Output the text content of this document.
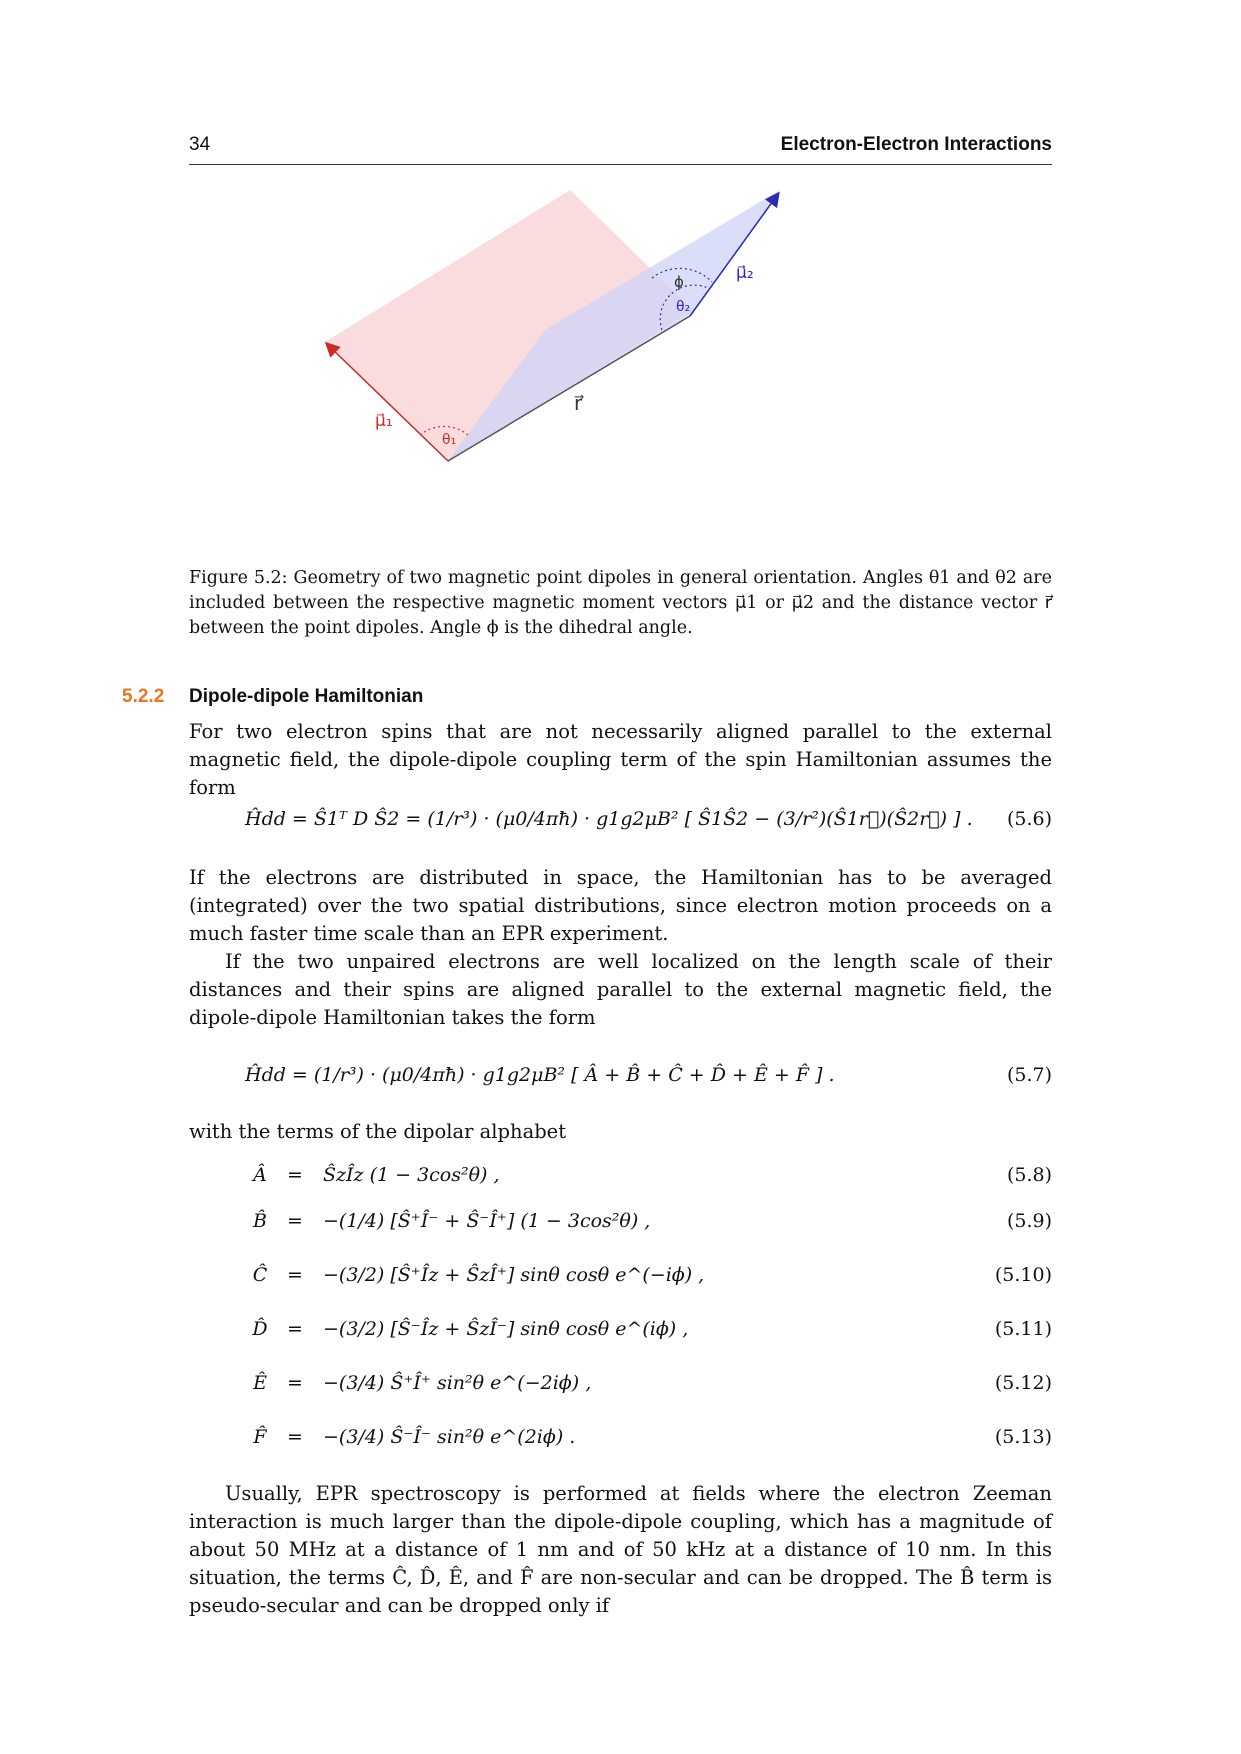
34	Electron-Electron Interactions
μ⃗₁
θ₁
r⃗
ϕ
θ₂
μ⃗₂
Figure 5.2: Geometry of two magnetic point dipoles in general orientation. Angles θ1 and θ2 are included between the respective magnetic moment vectors μ⃗1 or μ⃗2 and the distance vector r⃗ between the point dipoles. Angle ϕ is the dihedral angle.
5.2.2 Dipole-dipole Hamiltonian
For two electron spins that are not necessarily aligned parallel to the external magnetic field, the dipole-dipole coupling term of the spin Hamiltonian assumes the form
Ĥdd = Ŝ1ᵀ D Ŝ2 = (1/r³) · (μ0/4πħ) · g1g2μB² [ Ŝ1Ŝ2 − (3/r²)(Ŝ1r⃗)(Ŝ2r⃗) ] . (5.6)
If the electrons are distributed in space, the Hamiltonian has to be averaged (integrated) over the two spatial distributions, since electron motion proceeds on a much faster time scale than an EPR experiment.
If the two unpaired electrons are well localized on the length scale of their distances and their spins are aligned parallel to the external magnetic field, the dipole-dipole Hamiltonian takes the form
Ĥdd = (1/r³) · (μ0/4πħ) · g1g2μB² [ Â + B̂ + Ĉ + D̂ + Ê + F̂ ] .	(5.7)
with the terms of the dipolar alphabet
Â	= ŜzÎz (1 − 3cos²θ) ,	(5.8)
B̂	= −(1/4) [Ŝ⁺Î⁻ + Ŝ⁻Î⁺] (1 − 3cos²θ) ,	(5.9)
Ĉ	= −(3/2) [Ŝ⁺Îz + ŜzÎ⁺] sinθ cosθ e^(−iϕ) ,	(5.10)
D̂	= −(3/2) [Ŝ⁻Îz + ŜzÎ⁻] sinθ cosθ e^(iϕ) ,	(5.11)
Ê	= −(3/4) Ŝ⁺Î⁺ sin²θ e^(−2iϕ) ,	(5.12)
F̂	= −(3/4) Ŝ⁻Î⁻ sin²θ e^(2iϕ) .	(5.13)
Usually, EPR spectroscopy is performed at fields where the electron Zeeman interaction is much larger than the dipole-dipole coupling, which has a magnitude of about 50 MHz at a distance of 1 nm and of 50 kHz at a distance of 10 nm. In this situation, the terms Ĉ, D̂, Ê, and F̂ are non-secular and can be dropped. The B̂ term is pseudo-secular and can be dropped only if
